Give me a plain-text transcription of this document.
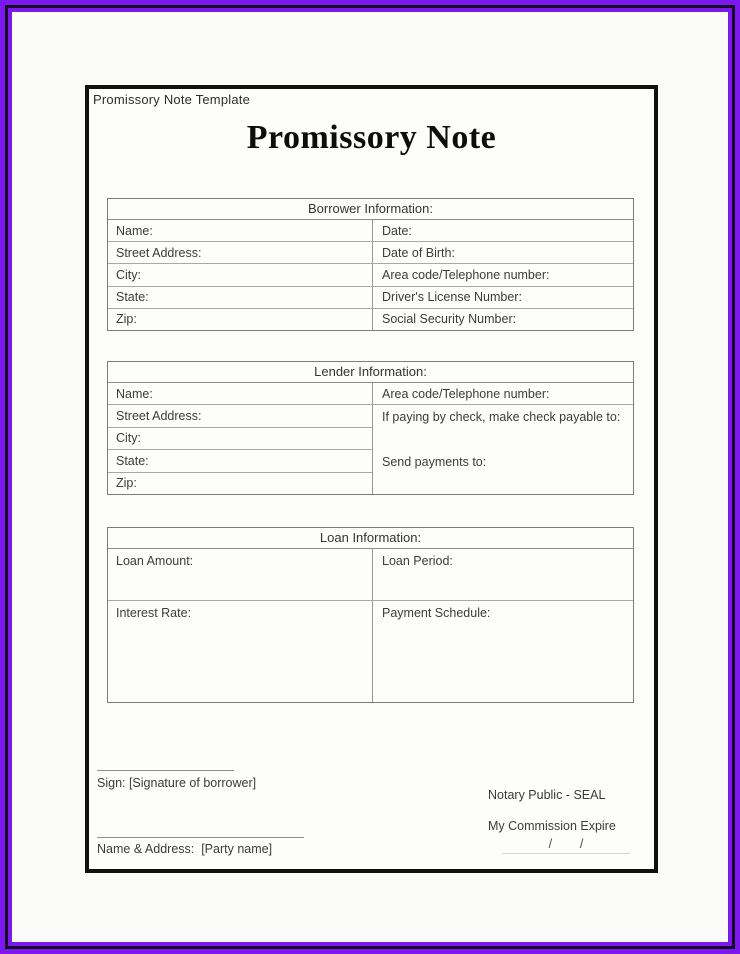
Promissory Note Template
Promissory Note
Borrower Information:
Name:	Date:
Street Address:	Date of Birth:
City:	Area code/Telephone number:
State:	Driver's License Number:
Zip:	Social Security Number:
Lender Information:
Name:	Area code/Telephone number:
Street Address:
City:
State:
Zip:
If paying by check, make check payable to:
Send payments to:
Loan Information:
Loan Amount:	Loan Period:
Interest Rate:	Payment Schedule:
Sign: [Signature of borrower]
Name & Address:  [Party name]

Notary Public - SEAL

My Commission Expire

/        /
